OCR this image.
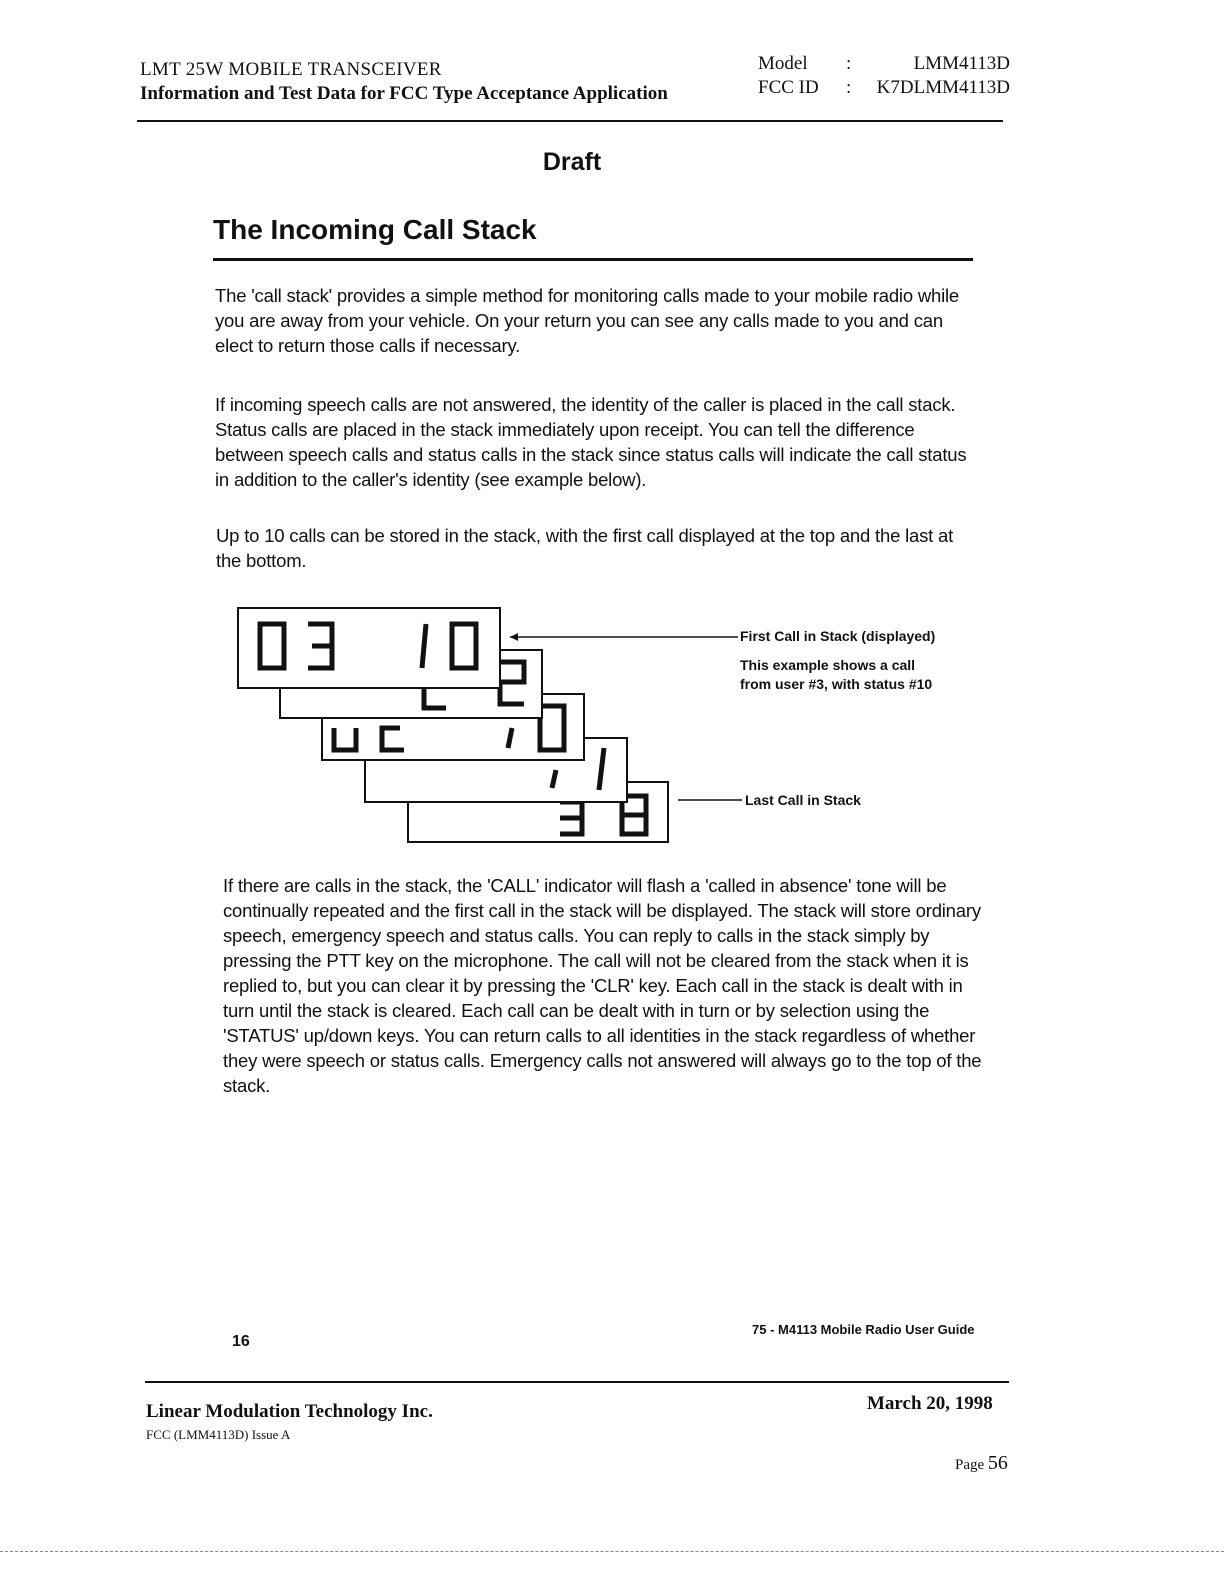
LMT 25W MOBILE TRANSCEIVER
Information and Test Data for FCC Type Acceptance Application
Model	:	LMM4113D
FCC ID	:	K7DLMM4113D
Draft
The Incoming Call Stack
The 'call stack' provides a simple method for monitoring calls made to your mobile radio while you are away from your vehicle. On your return you can see any calls made to you and can elect to return those calls if necessary.
If incoming speech calls are not answered, the identity of the caller is placed in the call stack. Status calls are placed in the stack immediately upon receipt. You can tell the difference between speech calls and status calls in the stack since status calls will indicate the call status in addition to the caller's identity (see example below).
Up to 10 calls can be stored in the stack, with the first call displayed at the top and the last at the bottom.
First Call in Stack (displayed)
This example shows a call
from user #3, with status #10
Last Call in Stack
If there are calls in the stack, the 'CALL' indicator will flash a 'called in absence' tone will be continually repeated and the first call in the stack will be displayed. The stack will store ordinary speech, emergency speech and status calls. You can reply to calls in the stack simply by pressing the PTT key on the microphone. The call will not be cleared from the stack when it is replied to, but you can clear it by pressing the 'CLR' key. Each call in the stack is dealt with in turn until the stack is cleared. Each call can be dealt with in turn or by selection using the 'STATUS' up/down keys. You can return calls to all identities in the stack regardless of whether they were speech or status calls. Emergency calls not answered will always go to the top of the stack.
16
75 - M4113 Mobile Radio User Guide
Linear Modulation Technology Inc.
FCC (LMM4113D) Issue A
March 20, 1998
Page 56
